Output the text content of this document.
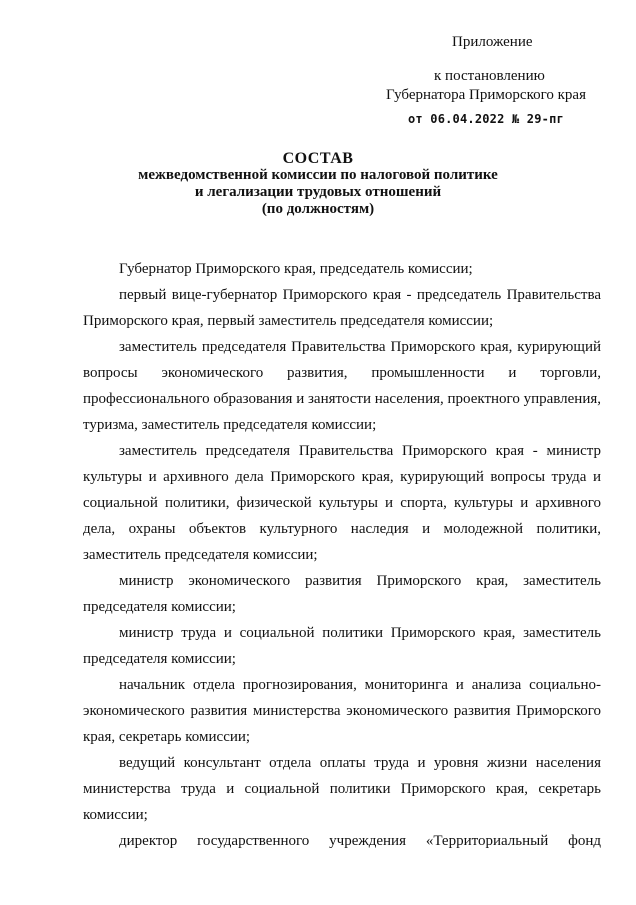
Приложение
к постановлению
Губернатора Приморского края
от 06.04.2022 № 29-пг
СОСТАВ
межведомственной комиссии по налоговой политике
и легализации трудовых отношений
(по должностям)

Губернатор Приморского края, председатель комиссии;

первый вице-губернатор Приморского края - председатель Правительства Приморского края, первый заместитель председателя комиссии;

заместитель председателя Правительства Приморского края, курирующий вопросы экономического развития, промышленности и торговли, профессионального образования и занятости населения, проектного управления, туризма, заместитель председателя комиссии;

заместитель председателя Правительства Приморского края - министр культуры и архивного дела Приморского края, курирующий вопросы труда и социальной политики, физической культуры и спорта, культуры и архивного дела, охраны объектов культурного наследия и молодежной политики, заместитель председателя комиссии;

министр экономического развития Приморского края, заместитель председателя комиссии;

министр труда и социальной политики Приморского края, заместитель председателя комиссии;

начальник отдела прогнозирования, мониторинга и анализа социально-экономического развития министерства экономического развития Приморского края, секретарь комиссии;

ведущий консультант отдела оплаты труда и уровня жизни населения министерства труда и социальной политики Приморского края, секретарь комиссии;

директор государственного учреждения «Территориальный фонд
